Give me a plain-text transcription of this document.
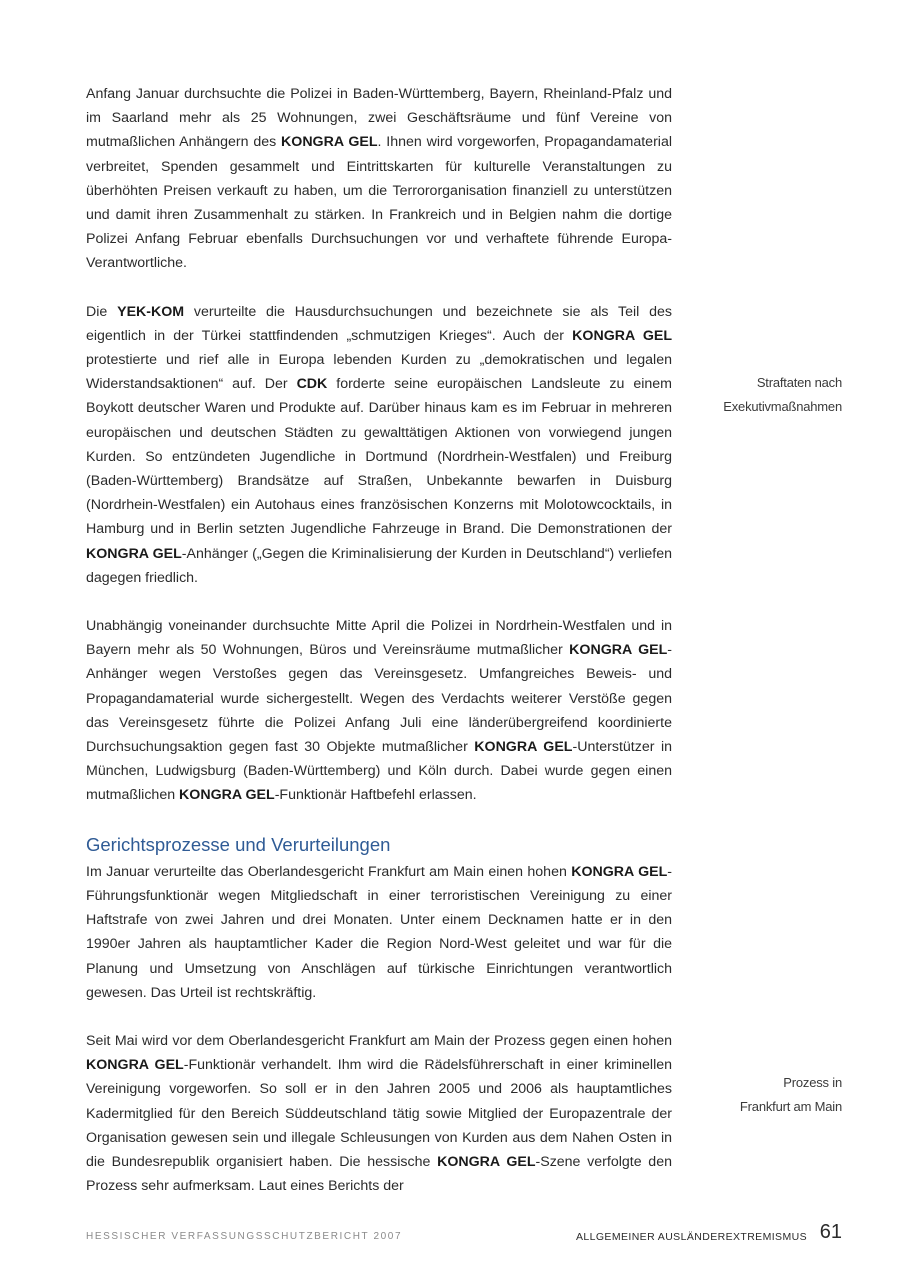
Anfang Januar durchsuchte die Polizei in Baden-Württemberg, Bayern, Rheinland-Pfalz und im Saarland mehr als 25 Wohnungen, zwei Geschäftsräume und fünf Vereine von mutmaßlichen Anhängern des KONGRA GEL. Ihnen wird vorgeworfen, Propagandamaterial verbreitet, Spenden gesammelt und Eintrittskarten für kulturelle Veranstaltungen zu überhöhten Preisen verkauft zu haben, um die Terrororganisation finanziell zu unterstützen und damit ihren Zusammenhalt zu stärken. In Frankreich und in Belgien nahm die dortige Polizei Anfang Februar ebenfalls Durchsuchungen vor und verhaftete führende Europa-Verantwortliche.

Die YEK-KOM verurteilte die Hausdurchsuchungen und bezeichnete sie als Teil des eigentlich in der Türkei stattfindenden „schmutzigen Krieges“. Auch der KONGRA GEL protestierte und rief alle in Europa lebenden Kurden zu „demokratischen und legalen Widerstandsaktionen“ auf. Der CDK forderte seine europäischen Landsleute zu einem Boykott deutscher Waren und Produkte auf. Darüber hinaus kam es im Februar in mehreren europäischen und deutschen Städten zu gewalttätigen Aktionen von vorwiegend jungen Kurden. So entzündeten Jugendliche in Dortmund (Nordrhein-Westfalen) und Freiburg (Baden-Württemberg) Brandsätze auf Straßen, Unbekannte bewarfen in Duisburg (Nordrhein-Westfalen) ein Autohaus eines französischen Konzerns mit Molotowcocktails, in Hamburg und in Berlin setzten Jugendliche Fahrzeuge in Brand. Die Demonstrationen der KONGRA GEL-Anhänger („Gegen die Kriminalisierung der Kurden in Deutschland“) verliefen dagegen friedlich.

Unabhängig voneinander durchsuchte Mitte April die Polizei in Nordrhein-Westfalen und in Bayern mehr als 50 Wohnungen, Büros und Vereinsräume mutmaßlicher KONGRA GEL-Anhänger wegen Verstoßes gegen das Vereinsgesetz. Umfangreiches Beweis- und Propagandamaterial wurde sichergestellt. Wegen des Verdachts weiterer Verstöße gegen das Vereinsgesetz führte die Polizei Anfang Juli eine länderübergreifend koordinierte Durchsuchungsaktion gegen fast 30 Objekte mutmaßlicher KONGRA GEL-Unterstützer in München, Ludwigsburg (Baden-Württemberg) und Köln durch. Dabei wurde gegen einen mutmaßlichen KONGRA GEL-Funktionär Haftbefehl erlassen.

Gerichtsprozesse und Verurteilungen

Im Januar verurteilte das Oberlandesgericht Frankfurt am Main einen hohen KONGRA GEL-Führungsfunktionär wegen Mitgliedschaft in einer terroristischen Vereinigung zu einer Haftstrafe von zwei Jahren und drei Monaten. Unter einem Decknamen hatte er in den 1990er Jahren als hauptamtlicher Kader die Region Nord-West geleitet und war für die Planung und Umsetzung von Anschlägen auf türkische Einrichtungen verantwortlich gewesen. Das Urteil ist rechtskräftig.

Seit Mai wird vor dem Oberlandesgericht Frankfurt am Main der Prozess gegen einen hohen KONGRA GEL-Funktionär verhandelt. Ihm wird die Rädelsführerschaft in einer kriminellen Vereinigung vorgeworfen. So soll er in den Jahren 2005 und 2006 als hauptamtliches Kadermitglied für den Bereich Süddeutschland tätig sowie Mitglied der Europazentrale der Organisation gewesen sein und illegale Schleusungen von Kurden aus dem Nahen Osten in die Bundesrepublik organisiert haben. Die hessische KONGRA GEL-Szene verfolgte den Prozess sehr aufmerksam. Laut eines Berichts der

Straftaten nach
Exekutivmaßnahmen
Prozess in
Frankfurt am Main
HESSISCHER VERFASSUNGSSCHUTZBERICHT 2007	ALLGEMEINER AUSLÄNDEREXTREMISMUS 61
